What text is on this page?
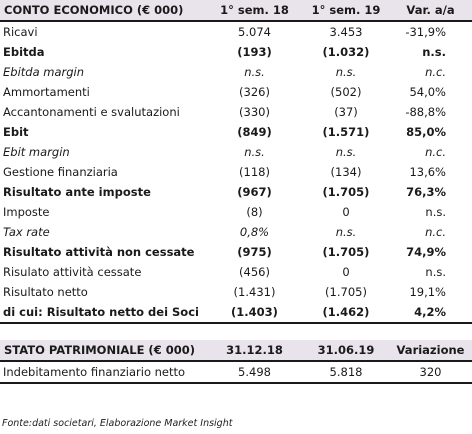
CONTO ECONOMICO (€ 000)	1° sem. 18	1° sem. 19	Var. a/a
Ricavi	5.074	3.453	-31,9%
Ebitda	(193)	(1.032)	n.s.
Ebitda margin	n.s.	n.s.	n.c.
Ammortamenti	(326)	(502)	54,0%
Accantonamenti e svalutazioni	(330)	(37)	-88,8%
Ebit	(849)	(1.571)	85,0%
Ebit margin	n.s.	n.s.	n.c.
Gestione finanziaria	(118)	(134)	13,6%
Risultato ante imposte	(967)	(1.705)	76,3%
Imposte	(8)	0	n.s.
Tax rate	0,8%	n.s.	n.c.
Risultato attività non cessate	(975)	(1.705)	74,9%
Risulato attività cessate	(456)	0	n.s.
Risultato netto	(1.431)	(1.705)	19,1%
di cui: Risultato netto dei Soci	(1.403)	(1.462)	4,2%
STATO PATRIMONIALE (€ 000)	31.12.18	31.06.19	Variazione
Indebitamento finanziario netto	5.498	5.818	320
Fonte:dati societari, Elaborazione Market Insight
